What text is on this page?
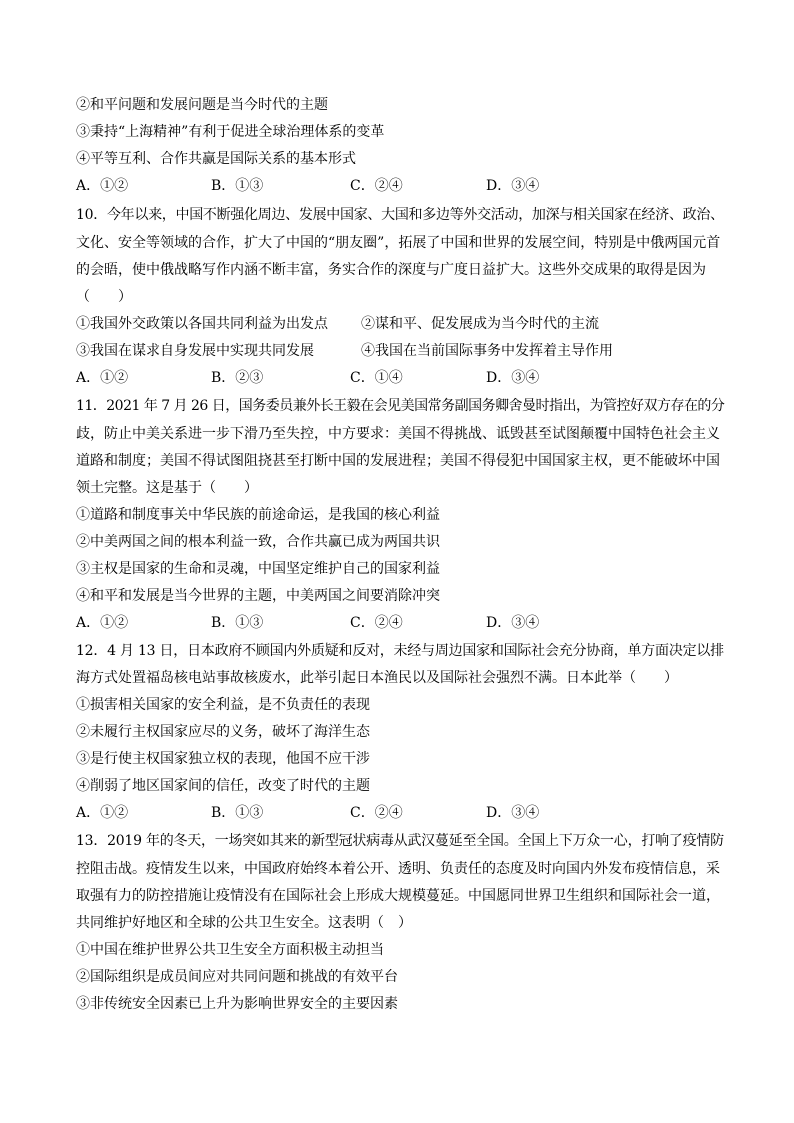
②和平问题和发展问题是当今时代的主题
③秉持“上海精神”有利于促进全球治理体系的变革
④平等互利、合作共赢是国际关系的基本形式
A．①②	B．①③	C．②④	D．③④
10．今年以来，中国不断强化周边、发展中国家、大国和多边等外交活动，加深与相关国家在经济、政治、
文化、安全等领域的合作，扩大了中国的“朋友圈”，拓展了中国和世界的发展空间，特别是中俄两国元首
的会晤，使中俄战略写作内涵不断丰富，务实合作的深度与广度日益扩大。这些外交成果的取得是因为
（　　）
①我国外交政策以各国共同利益为出发点 ②谋和平、促发展成为当今时代的主流
③我国在谋求自身发展中实现共同发展	④我国在当前国际事务中发挥着主导作用
A．①②	B．②③	C．①④	D．③④
11．2021 年 7 月 26 日，国务委员兼外长王毅在会见美国常务副国务卿舍曼时指出，为管控好双方存在的分
歧，防止中美关系进一步下滑乃至失控，中方要求：美国不得挑战、诋毁甚至试图颠覆中国特色社会主义
道路和制度；美国不得试图阻挠甚至打断中国的发展进程；美国不得侵犯中国国家主权，更不能破坏中国
领土完整。这是基于（　　）
①道路和制度事关中华民族的前途命运，是我国的核心利益
②中美两国之间的根本利益一致，合作共赢已成为两国共识
③主权是国家的生命和灵魂，中国坚定维护自己的国家利益
④和平和发展是当今世界的主题，中美两国之间要消除冲突
A．①②	B．①③	C．②④	D．③④
12．4 月 13 日，日本政府不顾国内外质疑和反对，未经与周边国家和国际社会充分协商，单方面决定以排
海方式处置福岛核电站事故核废水，此举引起日本渔民以及国际社会强烈不满。日本此举（　　）
①损害相关国家的安全利益，是不负责任的表现
②未履行主权国家应尽的义务，破坏了海洋生态
③是行使主权国家独立权的表现，他国不应干涉
④削弱了地区国家间的信任，改变了时代的主题
A．①②	B．①③	C．②④	D．③④
13．2019 年的冬天，一场突如其来的新型冠状病毒从武汉蔓延至全国。全国上下万众一心，打响了疫情防
控阻击战。疫情发生以来，中国政府始终本着公开、透明、负责任的态度及时向国内外发布疫情信息，采
取强有力的防控措施让疫情没有在国际社会上形成大规模蔓延。中国愿同世界卫生组织和国际社会一道，
共同维护好地区和全球的公共卫生安全。这表明（　）
①中国在维护世界公共卫生安全方面积极主动担当
②国际组织是成员间应对共同问题和挑战的有效平台
③非传统安全因素已上升为影响世界安全的主要因素
